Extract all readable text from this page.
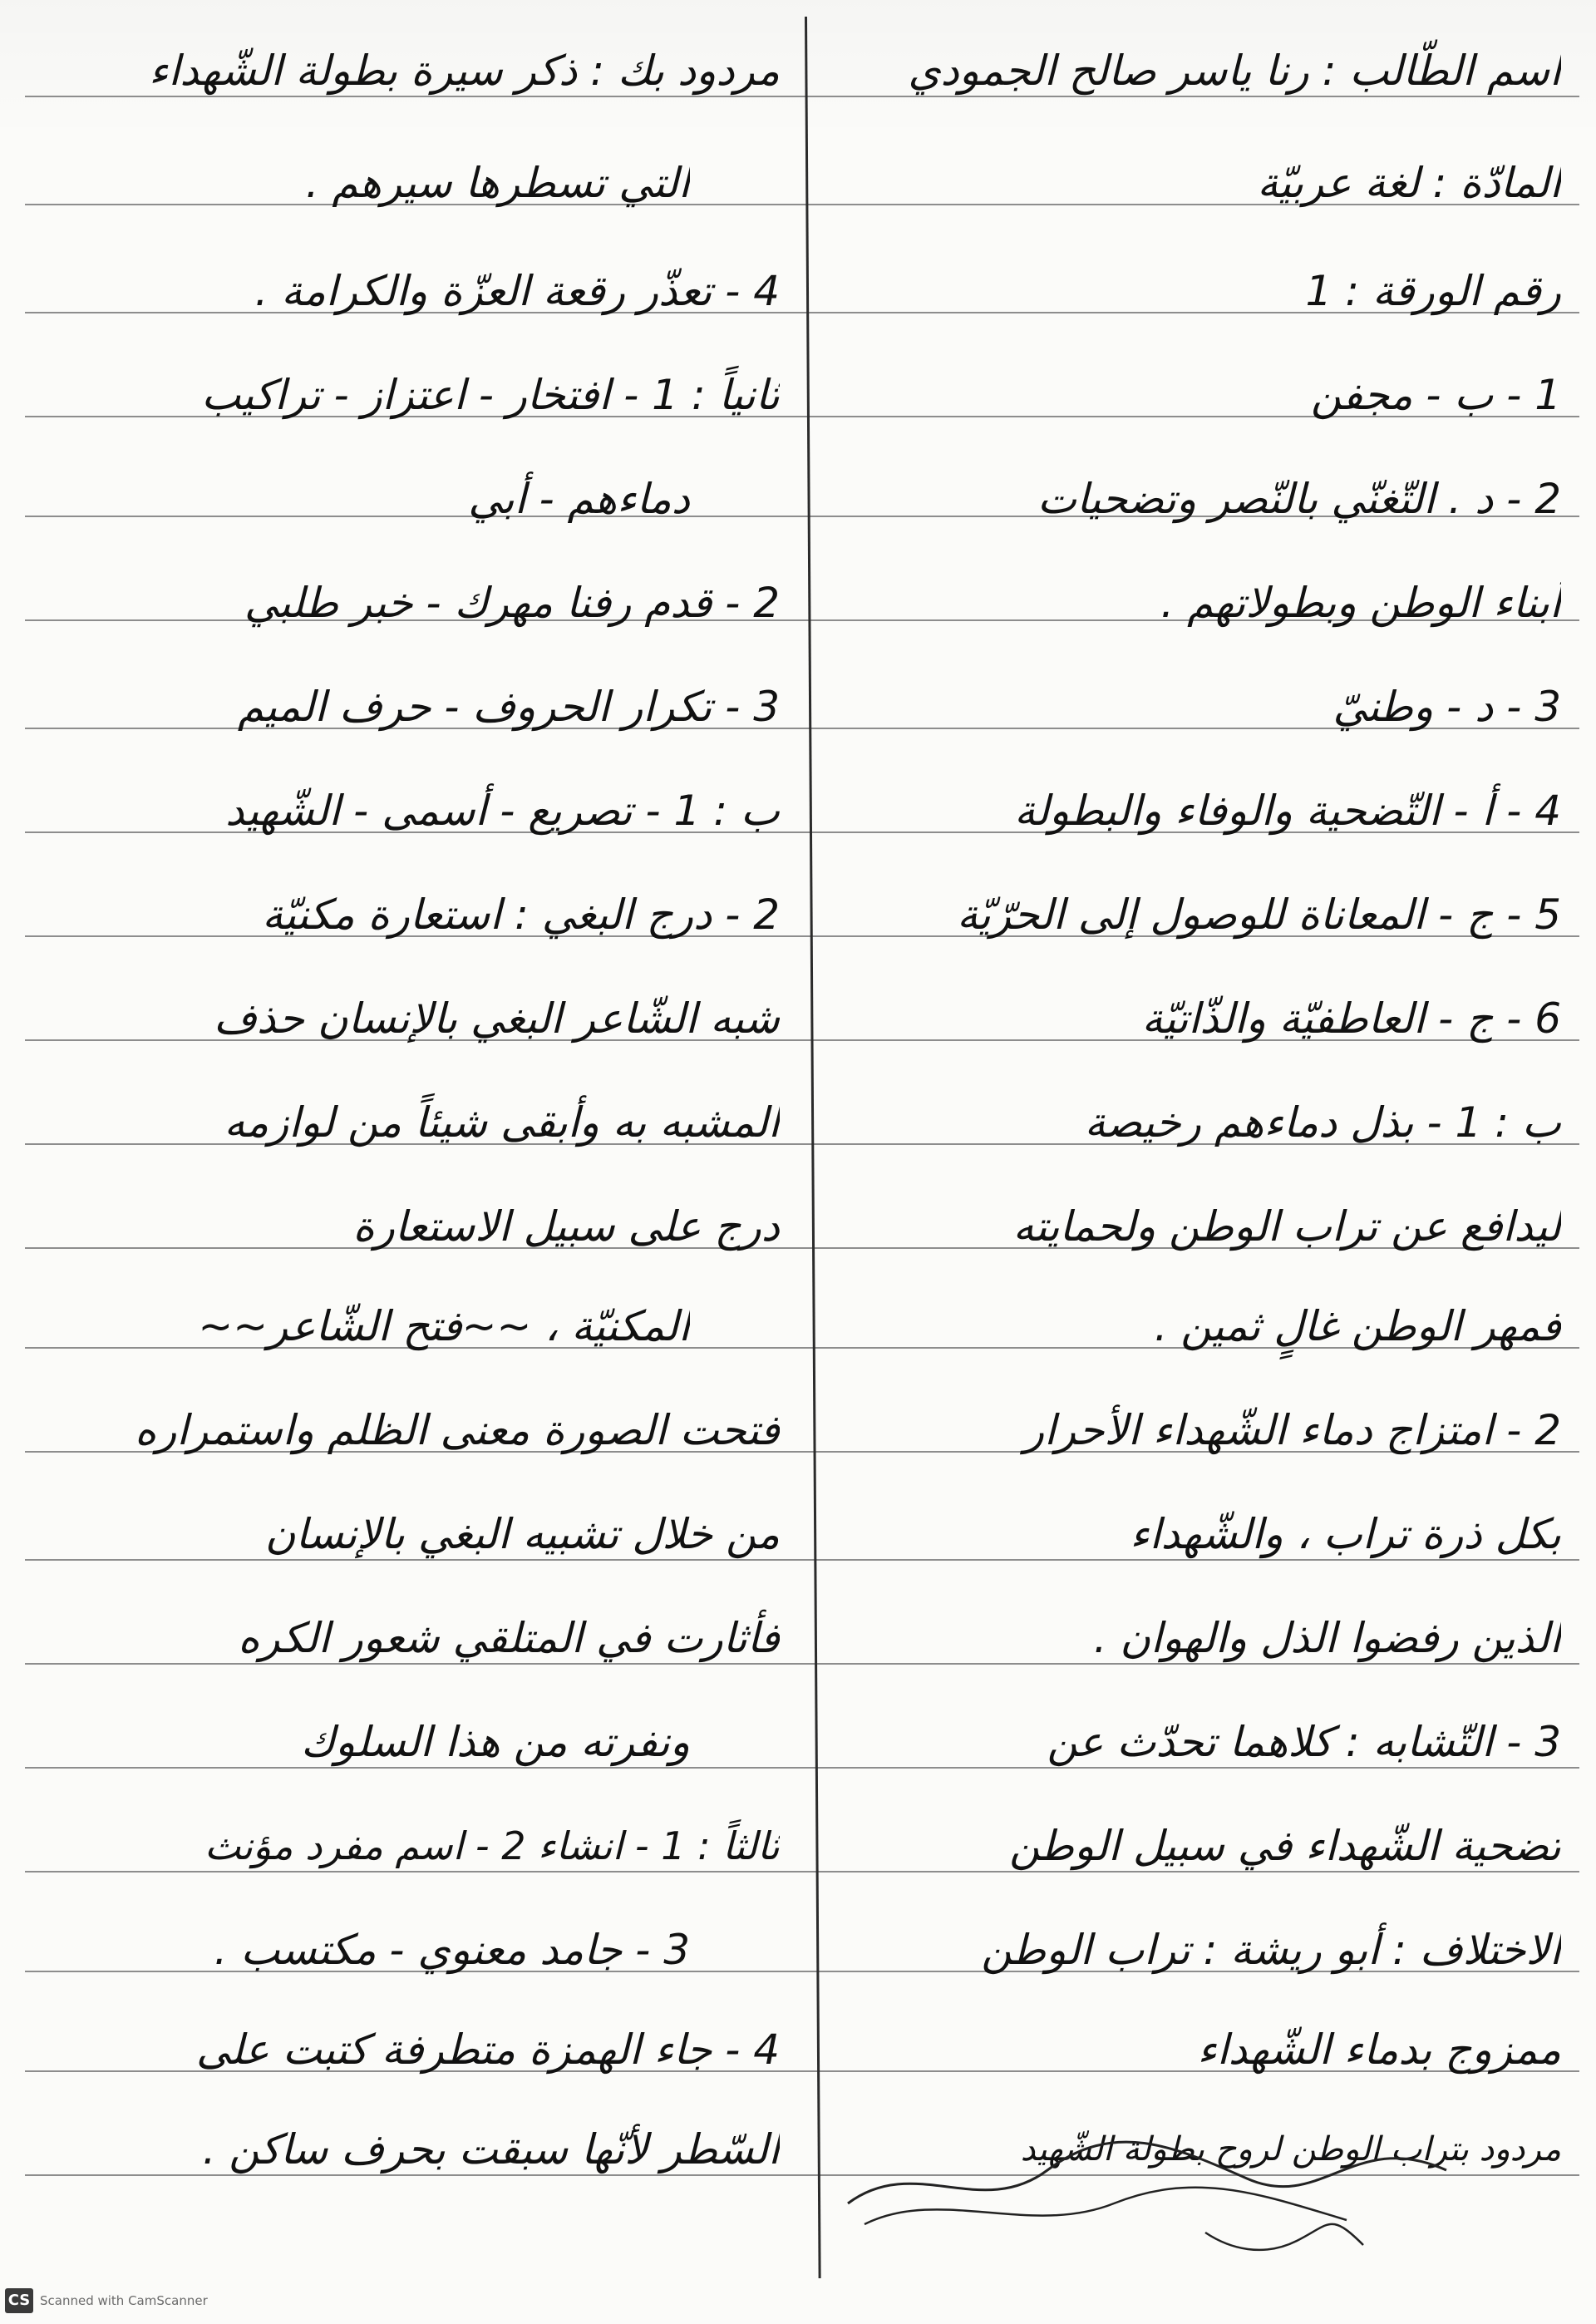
اسم الطّالب : رنا ياسر صالح الجمودي
المادّة : لغة عربيّة
رقم الورقة : 1
1 - ب - مجفن
2 - د . التّغنّي بالنّصر وتضحيات
أبناء الوطن وبطولاتهم .
3 - د - وطنيّ
4 - أ - التّضحية والوفاء والبطولة
5 - ج - المعاناة للوصول إلى الحرّيّة
6 - ج - العاطفيّة والذّاتيّة
ب : 1 - بذل دماءهم رخيصة
ليدافع عن تراب الوطن ولحمايته
فمهر الوطن غالٍ ثمين .
2 - امتزاج دماء الشّهداء الأحرار
بكل ذرة تراب ، والشّهداء
الذين رفضوا الذل والهوان .
3 - التّشابه : كلاهما تحدّث عن
تضحية الشّهداء في سبيل الوطن
الاختلاف : أبو ريشة : تراب الوطن
ممزوج بدماء الشّهداء
مردود بتراب الوطن لروح بطولة الشّهيد
مردود بك : ذكر سيرة بطولة الشّهداء
التي تسطرها سيرهم .
4 - تعذّر رقعة العزّة والكرامة .
ثانياً : 1 - افتخار - اعتزاز - تراكيب
دماءهم - أبي
2 - قدم رفنا مهرك - خبر طلبي
3 - تكرار الحروف - حرف الميم
ب : 1 - تصريع - أسمى - الشّهيد
2 - درج البغي : استعارة مكنيّة
شبه الشّاعر البغي بالإنسان حذف
المشبه به وأبقى شيئاً من لوازمه
درج على سبيل الاستعارة
المكنيّة ، ~~فتح الشّاعر~~
فتحت الصورة معنى الظلم واستمراره
من خلال تشبيه البغي بالإنسان
فأثارت في المتلقي شعور الكره
ونفرته من هذا السلوك
ثالثاً : 1 - انشاء 2 - اسم مفرد مؤنث
3 - جامد معنوي - مكتسب .
4 - جاء الهمزة متطرفة كتبت على
السّطر لأنّها سبقت بحرف ساكن .
CS Scanned with CamScanner
